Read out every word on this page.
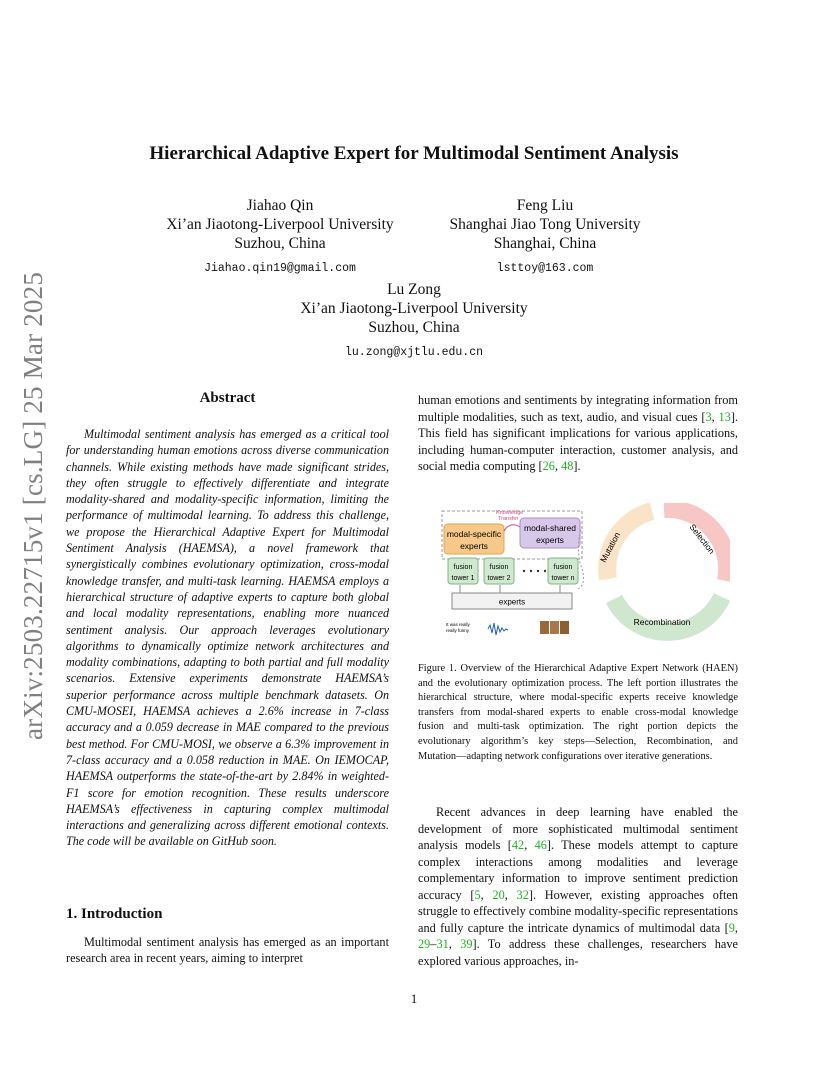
arXiv:2503.22715v1 [cs.LG] 25 Mar 2025
Hierarchical Adaptive Expert for Multimodal Sentiment Analysis
Jiahao Qin
Xi’an Jiaotong-Liverpool University
Suzhou, China
Jiahao.qin19@gmail.com
Feng Liu
Shanghai Jiao Tong University
Shanghai, China
lsttoy@163.com
Lu Zong
Xi’an Jiaotong-Liverpool University
Suzhou, China
lu.zong@xjtlu.edu.cn
Abstract
Multimodal sentiment analysis has emerged as a critical tool for understanding human emotions across diverse communication channels. While existing methods have made significant strides, they often struggle to effectively differentiate and integrate modality-shared and modality-specific information, limiting the performance of multimodal learning. To address this challenge, we propose the Hierarchical Adaptive Expert for Multimodal Sentiment Analysis (HAEMSA), a novel framework that synergistically combines evolutionary optimization, cross-modal knowledge transfer, and multi-task learning. HAEMSA employs a hierarchical structure of adaptive experts to capture both global and local modality representations, enabling more nuanced sentiment analysis. Our approach leverages evolutionary algorithms to dynamically optimize network architectures and modality combinations, adapting to both partial and full modality scenarios. Extensive experiments demonstrate HAEMSA’s superior performance across multiple benchmark datasets. On CMU-MOSEI, HAEMSA achieves a 2.6% increase in 7-class accuracy and a 0.059 decrease in MAE compared to the previous best method. For CMU-MOSI, we observe a 6.3% improvement in 7-class accuracy and a 0.058 reduction in MAE. On IEMOCAP, HAEMSA outperforms the state-of-the-art by 2.84% in weighted-F1 score for emotion recognition. These results underscore HAEMSA’s effectiveness in capturing complex multimodal interactions and generalizing across different emotional contexts. The code will be available on GitHub soon.
1. Introduction
Multimodal sentiment analysis has emerged as an important research area in recent years, aiming to interpret
human emotions and sentiments by integrating information from multiple modalities, such as text, audio, and visual cues [3, 13]. This field has significant implications for various applications, including human-computer interaction, customer analysis, and social media computing [26, 48].
Knowledge
Transfer
modal-specific
experts
modal-shared
experts
fusion
tower 1
fusion
tower 2
fusion
tower n
experts
It was really
really funny
Mutation	Selection
Recombination
Figure 1. Overview of the Hierarchical Adaptive Expert Network (HAEN) and the evolutionary optimization process. The left portion illustrates the hierarchical structure, where modal-specific experts receive knowledge transfers from modal-shared experts to enable cross-modal knowledge fusion and multi-task optimization. The right portion depicts the evolutionary algorithm’s key steps—Selection, Recombination, and Mutation—adapting network configurations over iterative generations.
Recent advances in deep learning have enabled the development of more sophisticated multimodal sentiment analysis models [42, 46]. These models attempt to capture complex interactions among modalities and leverage complementary information to improve sentiment prediction accuracy [5, 20, 32]. However, existing approaches often struggle to effectively combine modality-specific representations and fully capture the intricate dynamics of multimodal data [9, 29–31, 39]. To address these challenges, researchers have explored various approaches, in-
1
